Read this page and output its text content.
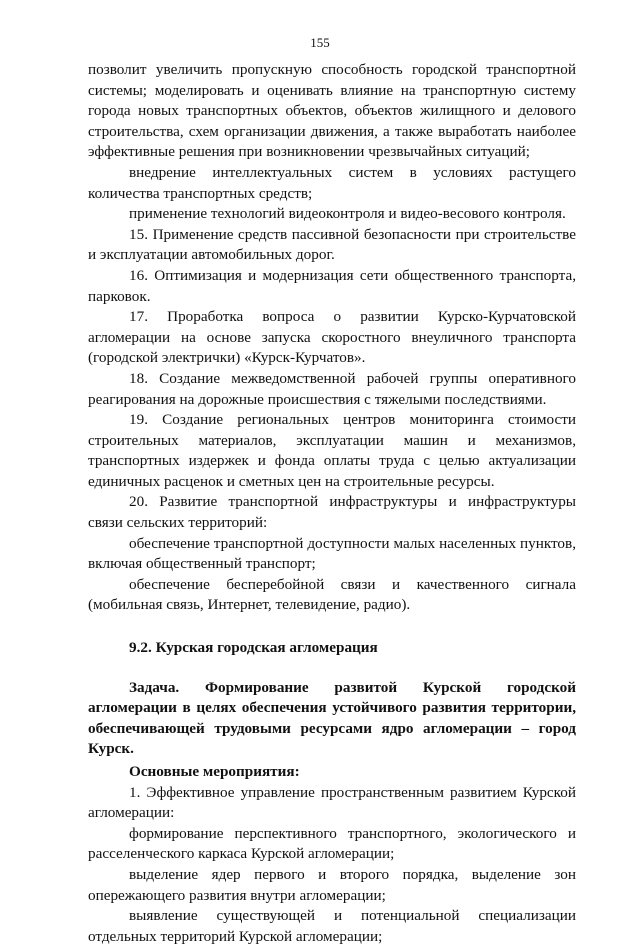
155

позволит увеличить пропускную способность городской транспортной системы; моделировать и оценивать влияние на транспортную систему города новых транспортных объектов, объектов жилищного и делового строительства, схем организации движения, а также выработать наиболее эффективные решения при возникновении чрезвычайных ситуаций;

внедрение интеллектуальных систем в условиях растущего количества транспортных средств;

применение технологий видеоконтроля и видео-весового контроля.

15. Применение средств пассивной безопасности при строительстве и эксплуатации автомобильных дорог.

16. Оптимизация и модернизация сети общественного транспорта, парковок.

17. Проработка вопроса о развитии Курско-Курчатовской агломерации на основе запуска скоростного внеуличного транспорта (городской электрички) «Курск-Курчатов».

18. Создание межведомственной рабочей группы оперативного реагирования на дорожные происшествия с тяжелыми последствиями.

19. Создание региональных центров мониторинга стоимости строительных материалов, эксплуатации машин и механизмов, транспортных издержек и фонда оплаты труда с целью актуализации единичных расценок и сметных цен на строительные ресурсы.

20. Развитие транспортной инфраструктуры и инфраструктуры связи сельских территорий:

обеспечение транспортной доступности малых населенных пунктов, включая общественный транспорт;

обеспечение бесперебойной связи и качественного сигнала (мобильная связь, Интернет, телевидение, радио).

9.2. Курская городская агломерация

Задача. Формирование развитой Курской городской агломерации в целях обеспечения устойчивого развития территории, обеспечивающей трудовыми ресурсами ядро агломерации – город Курск.

Основные мероприятия:

1. Эффективное управление пространственным развитием Курской агломерации:

формирование перспективного транспортного, экологического и расселенческого каркаса Курской агломерации;

выделение ядер первого и второго порядка, выделение зон опережающего развития внутри агломерации;

выявление существующей и потенциальной специализации отдельных территорий Курской агломерации;
